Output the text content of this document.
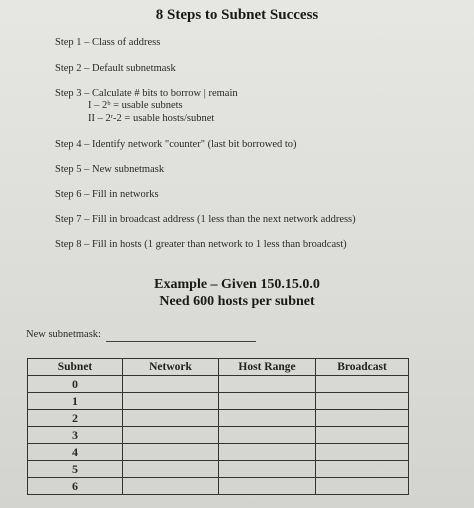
8 Steps to Subnet Success
Step 1 – Class of address
Step 2 – Default subnetmask
Step 3 – Calculate # bits to borrow | remain
I – 2ᵇ = usable subnets
II – 2ʳ-2 = usable hosts/subnet
Step 4 – Identify network "counter" (last bit borrowed to)
Step 5 – New subnetmask
Step 6 – Fill in networks
Step 7 – Fill in broadcast address (1 less than the next network address)
Step 8 – Fill in hosts (1 greater than network to 1 less than broadcast)
Example – Given 150.15.0.0
Need 600 hosts per subnet
New subnetmask:
Subnet	Network	Host Range	Broadcast
0			
1			
2			
3			
4			
5			
6			
